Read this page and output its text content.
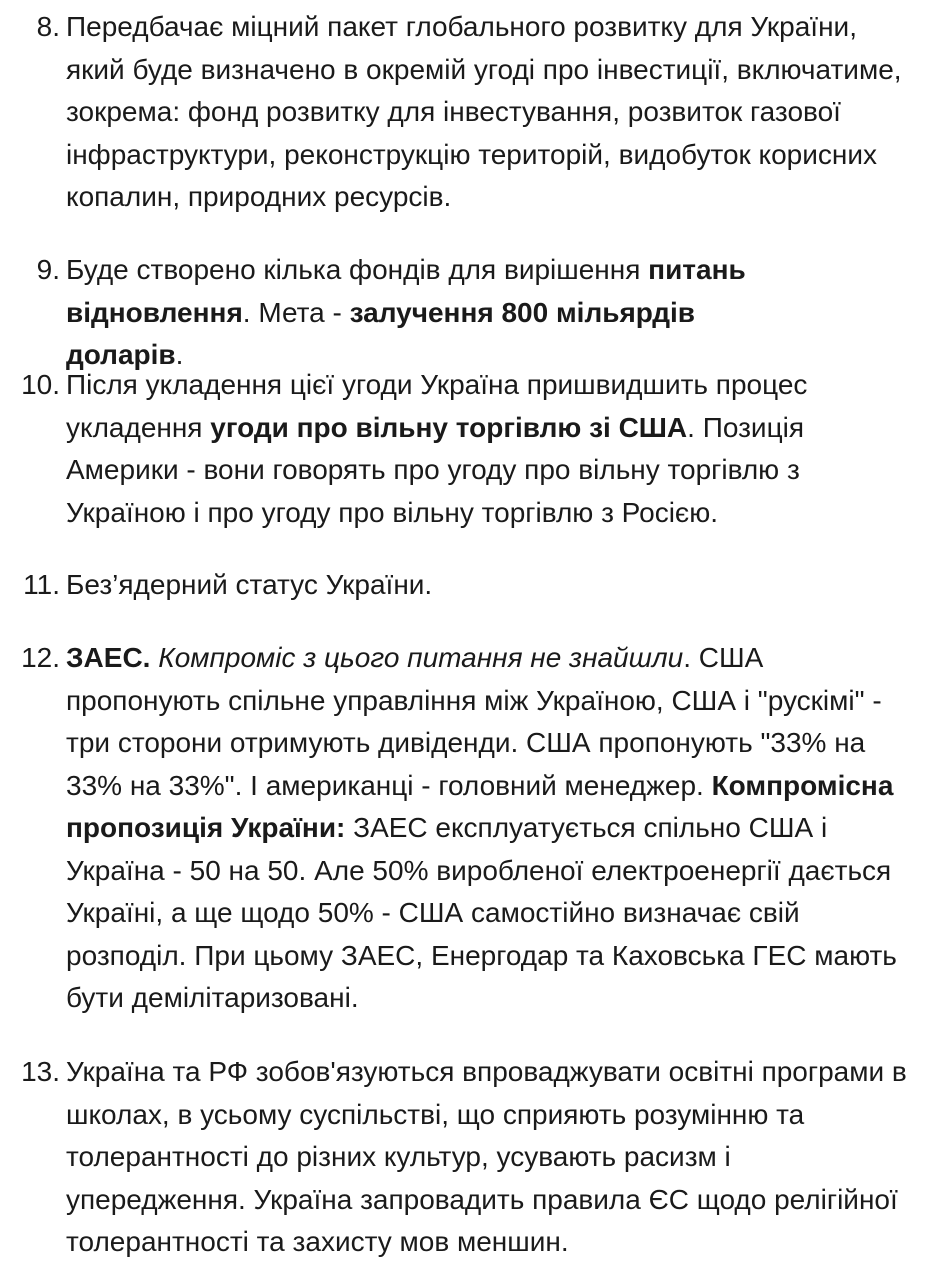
8. Передбачає міцний пакет глобального розвитку для України, який буде визначено в окремій угоді про інвестиції, включатиме, зокрема: фонд розвитку для інвестування, розвиток газової інфраструктури, реконструкцію територій, видобуток корисних копалин, природних ресурсів.
9. Буде створено кілька фондів для вирішення питань відновлення. Мета - залучення 800 мільярдів доларів.
10. Після укладення цієї угоди Україна пришвидшить процес укладення угоди про вільну торгівлю зі США. Позиція Америки - вони говорять про угоду про вільну торгівлю з Україною і про угоду про вільну торгівлю з Росією.
11. Без’ядерний статус України.
12. ЗАЕС. Компроміс з цього питання не знайшли. США пропонують спільне управління між Україною, США і "рускімі" - три сторони отримують дивіденди. США пропонують "33% на 33% на 33%". І американці - головний менеджер. Компромісна пропозиція України: ЗАЕС експлуатується спільно США і Україна - 50 на 50. Але 50% виробленої електроенергії дається Україні, а ще щодо 50% - США самостійно визначає свій розподіл. При цьому ЗАЕС, Енергодар та Каховська ГЕС мають бути демілітаризовані.
13. Україна та РФ зобов'язуються впроваджувати освітні програми в школах, в усьому суспільстві, що сприяють розумінню та толерантності до різних культур, усувають расизм і упередження. Україна запровадить правила ЄС щодо релігійної толерантності та захисту мов меншин.
